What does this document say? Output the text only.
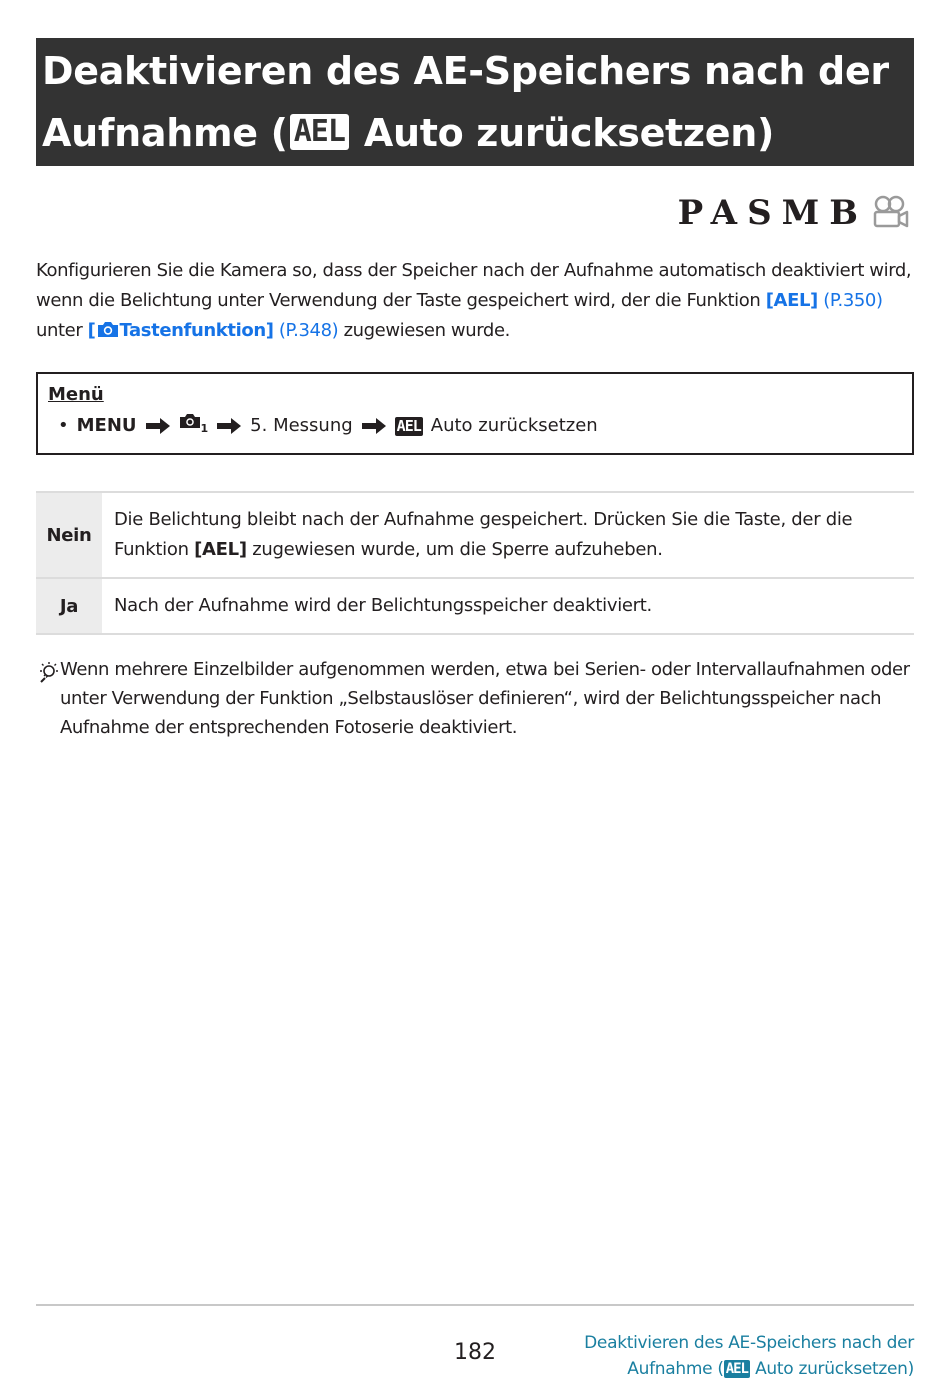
Deaktivieren des AE-Speichers nach der
Aufnahme ( AEL Auto zurücksetzen)
PASMB

Konfigurieren Sie die Kamera so, dass der Speicher nach der Aufnahme automatisch deaktiviert wird, wenn die Belichtung unter Verwendung der Taste gespeichert wird, der die Funktion [AEL] (P.350) unter [ Tastenfunktion] (P.348) zugewiesen wurde.

Menü

• MENU	$_1$ 5. Messung	AEL Auto zurücksetzen
Nein	Die Belichtung bleibt nach der Aufnahme gespeichert. Drücken Sie die Taste, der die Funktion [AEL] zugewiesen wurde, um die Sperre aufzuheben.
Ja	Nach der Aufnahme wird der Belichtungsspeicher deaktiviert.
Wenn mehrere Einzelbilder aufgenommen werden, etwa bei Serien- oder Intervallaufnahmen oder unter Verwendung der Funktion „Selbstauslöser definieren“, wird der Belichtungsspeicher nach Aufnahme der entsprechenden Fotoserie deaktiviert.
182	Deaktivieren des AE-Speichers nach der
Aufnahme ( AEL Auto zurücksetzen)
